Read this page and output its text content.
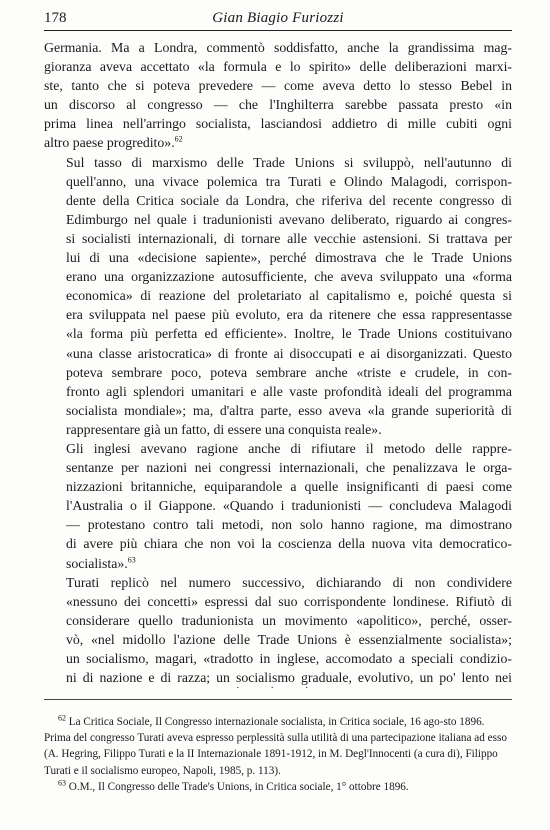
178	Gian Biagio Furiozzi

Germania. Ma a Londra, commentò soddisfatto, anche la grandissima mag-
gioranza aveva accettato «la formula e lo spirito» delle deliberazioni marxi-
ste, tanto che si poteva prevedere — come aveva detto lo stesso Bebel in
un discorso al congresso — che l'Inghilterra sarebbe passata presto «in
prima linea nell'arringo socialista, lasciandosi addietro di mille cubiti ogni
altro paese progredito».$^{62}$

Sul tasso di marxismo delle Trade Unions si sviluppò, nell'autunno di
quell'anno, una vivace polemica tra Turati e Olindo Malagodi, corrispon-
dente della Critica sociale da Londra, che riferiva del recente congresso di
Edimburgo nel quale i tradunionisti avevano deliberato, riguardo ai congres-
si socialisti internazionali, di tornare alle vecchie astensioni. Si trattava per
lui di una «decisione sapiente», perché dimostrava che le Trade Unions
erano una organizzazione autosufficiente, che aveva sviluppato una «forma
economica» di reazione del proletariato al capitalismo e, poiché questa si
era sviluppata nel paese più evoluto, era da ritenere che essa rappresentasse
«la forma più perfetta ed efficiente». Inoltre, le Trade Unions costituivano
«una classe aristocratica» di fronte ai disoccupati e ai disorganizzati. Questo
poteva sembrare poco, poteva sembrare anche «triste e crudele, in con-
fronto agli splendori umanitari e alle vaste profondità ideali del programma
socialista mondiale»; ma, d'altra parte, esso aveva «la grande superiorità di
rappresentare già un fatto, di essere una conquista reale».

Gli inglesi avevano ragione anche di rifiutare il metodo delle rappre-
sentanze per nazioni nei congressi internazionali, che penalizzava le orga-
nizzazioni britanniche, equiparandole a quelle insignificanti di paesi come
l'Australia o il Giappone. «Quando i tradunionisti — concludeva Malagodi
— protestano contro tali metodi, non solo hanno ragione, ma dimostrano
di avere più chiara che non voi la coscienza della nuova vita democratico-
socialista».$^{63}$

Turati replicò nel numero successivo, dichiarando di non condividere
«nessuno dei concetti» espressi dal suo corrispondente londinese. Rifiutò di
considerare quello tradunionista un movimento «apolitico», perché, osser-
vò, «nel midollo l'azione delle Trade Unions è essenzialmente socialista»;
un socialismo, magari, «tradotto in inglese, accomodato a speciali condizio-
ni di nazione e di razza; un socialismo graduale, evolutivo, un po' lento nei

· · ·

$^{62}$ La Critica Sociale, Il Congresso internazionale socialista, in Critica sociale, 16 ago-sto 1896. Prima del congresso Turati aveva espresso perplessità sulla utilità di una partecipazione italiana ad esso (A. Hegring, Filippo Turati e la II Internazionale 1891-1912, in M. Degl'Innocenti (a cura di), Filippo Turati e il socialismo europeo, Napoli, 1985, p. 113).

$^{63}$ O.M., Il Congresso delle Trade's Unions, in Critica sociale, 1° ottobre 1896.
